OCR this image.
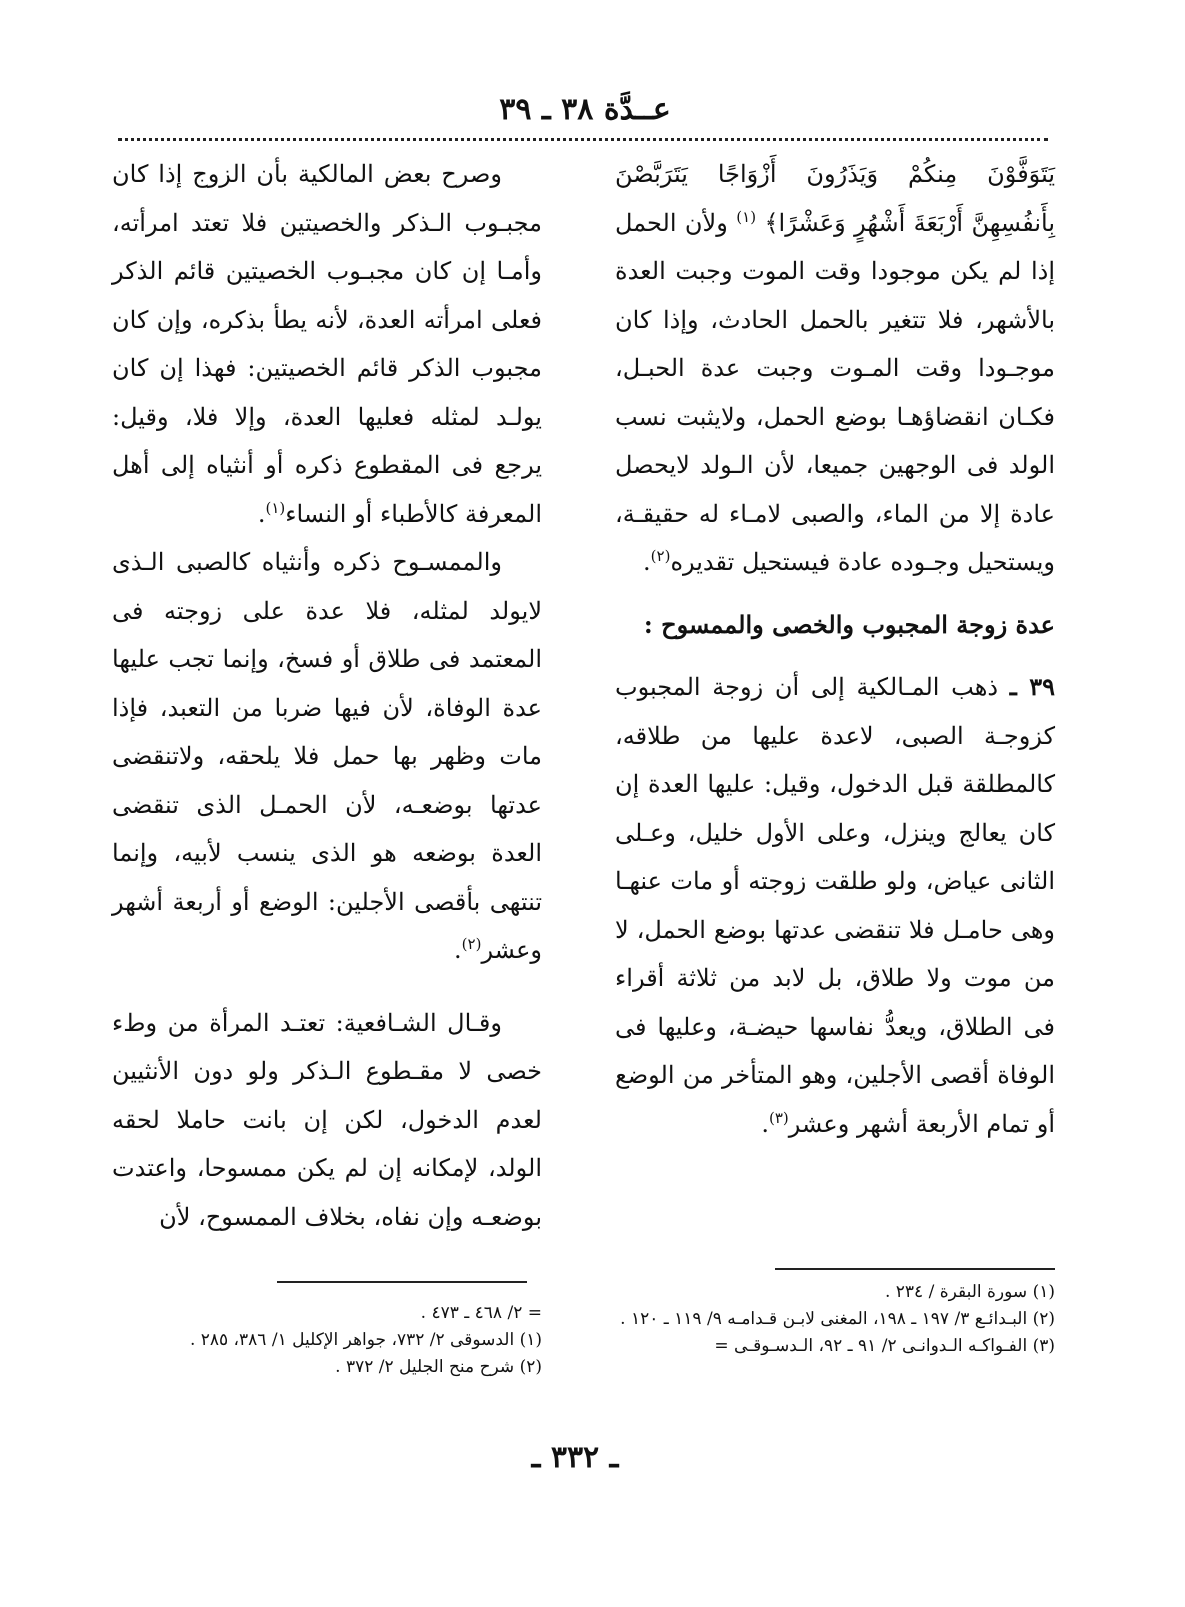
عــدَّة ٣٨ ـ ٣٩

يَتَوَفَّوْنَ مِنكُمْ وَيَذَرُونَ أَزْوَاجًا يَتَرَبَّصْنَ بِأَنفُسِهِنَّ أَرْبَعَةَ أَشْهُرٍ وَعَشْرًا﴾ $^{(١)}$ ولأن الحمل إذا لم يكن موجودا وقت الموت وجبت العدة بالأشهر، فلا تتغير بالحمل الحادث، وإذا كان موجـودا وقت المـوت وجبت عدة الحبـل، فكـان انقضاؤهـا بوضع الحمل، ولايثبت نسب الولد فى الوجهين جميعا، لأن الـولد لايحصل عادة إلا من الماء، والصبى لامـاء له حقيقـة، ويستحيل وجـوده عادة فيستحيل تقديره$^{(٢)}$.

عدة زوجة المجبوب والخصى والممسوح :

٣٩ ـ ذهب المـالكية إلى أن زوجة المجبوب كزوجـة الصبى، لاعدة عليها من طلاقه، كالمطلقة قبل الدخول، وقيل: عليها العدة إن كان يعالج وينزل، وعلى الأول خليل، وعـلى الثانى عياض، ولو طلقت زوجته أو مات عنهـا وهى حامـل فلا تنقضى عدتها بوضع الحمل، لا من موت ولا طلاق، بل لابد من ثلاثة أقراء فى الطلاق، ويعدُّ نفاسها حيضـة، وعليها فى الوفاة أقصى الأجلين، وهو المتأخر من الوضع أو تمام الأربعة أشهر وعشر$^{(٣)}$.

وصرح بعض المالكية بأن الزوج إذا كان مجبـوب الـذكر والخصيتين فلا تعتد امرأته، وأمـا إن كان مجبـوب الخصيتين قائم الذكر فعلى امرأته العدة، لأنه يطأ بذكره، وإن كان مجبوب الذكر قائم الخصيتين: فهذا إن كان يولـد لمثله فعليها العدة، وإلا فلا، وقيل: يرجع فى المقطوع ذكره أو أنثياه إلى أهل المعرفة كالأطباء أو النساء$^{(١)}$.

والممسـوح ذكره وأنثياه كالصبى الـذى لايولد لمثله، فلا عدة على زوجته فى المعتمد فى طلاق أو فسخ، وإنما تجب عليها عدة الوفاة، لأن فيها ضربا من التعبد، فإذا مات وظهر بها حمل فلا يلحقه، ولاتنقضى عدتها بوضعـه، لأن الحمـل الذى تنقضى العدة بوضعه هو الذى ينسب لأبيه، وإنما تنتهى بأقصى الأجلين: الوضع أو أربعة أشهر وعشر$^{(٢)}$.

وقـال الشـافعية: تعتـد المرأة من وطء خصى لا مقـطوع الـذكر ولو دون الأنثيين لعدم الدخول، لكن إن بانت حاملا لحقه الولد، لإمكانه إن لم يكن ممسوحا، واعتدت بوضعـه وإن نفاه، بخلاف الممسوح، لأن

(١) سورة البقرة / ٢٣٤ .

(٢) البـدائـع ٣/ ١٩٧ ـ ١٩٨، المغنى لابـن قـدامـه ٩/ ١١٩ ـ ١٢٠ .

(٣) الفـواكـه الـدوانـى ٢/ ٩١ ـ ٩٢، الـدسـوقـى =

= ٢/ ٤٦٨ ـ ٤٧٣ .

(١) الدسوقى ٢/ ٧٣٢، جواهر الإكليل ١/ ٣٨٦، ٢٨٥ .

(٢) شرح منح الجليل ٢/ ٣٧٢ .

ـ ٣٣٢ ـ
